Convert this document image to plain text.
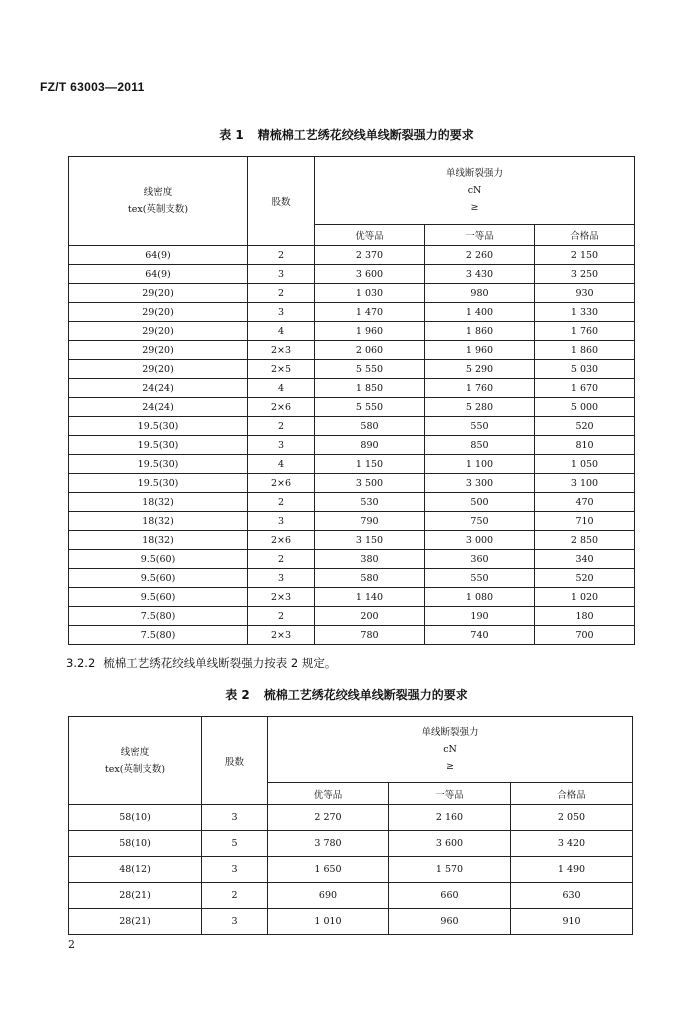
FZ/T 63003—2011
表 1 精梳棉工艺绣花绞线单线断裂强力的要求
线密度
tex(英制支数)	股数	单线断裂强力
cN
≥		

		优等品	一等品	合格品
64(9)	2	2 370	2 260	2 150
64(9)	3	3 600	3 430	3 250
29(20)	2	1 030	980	930
29(20)	3	1 470	1 400	1 330
29(20)	4	1 960	1 860	1 760
29(20)	2×3	2 060	1 960	1 860
29(20)	2×5	5 550	5 290	5 030
24(24)	4	1 850	1 760	1 670
24(24)	2×6	5 550	5 280	5 000
19.5(30)	2	580	550	520
19.5(30)	3	890	850	810
19.5(30)	4	1 150	1 100	1 050
19.5(30)	2×6	3 500	3 300	3 100
18(32)	2	530	500	470
18(32)	3	790	750	710
18(32)	2×6	3 150	3 000	2 850
9.5(60)	2	380	360	340
9.5(60)	3	580	550	520
9.5(60)	2×3	1 140	1 080	1 020
7.5(80)	2	200	190	180
7.5(80)	2×3	780	740	700
3.2.2 梳棉工艺绣花绞线单线断裂强力按表 2 规定。
表 2 梳棉工艺绣花绞线单线断裂强力的要求
线密度
tex(英制支数)	股数	单线断裂强力
cN
≥		

		优等品	一等品	合格品
58(10)	3	2 270	2 160	2 050
58(10)	5	3 780	3 600	3 420
48(12)	3	1 650	1 570	1 490
28(21)	2	690	660	630
28(21)	3	1 010	960	910
2
